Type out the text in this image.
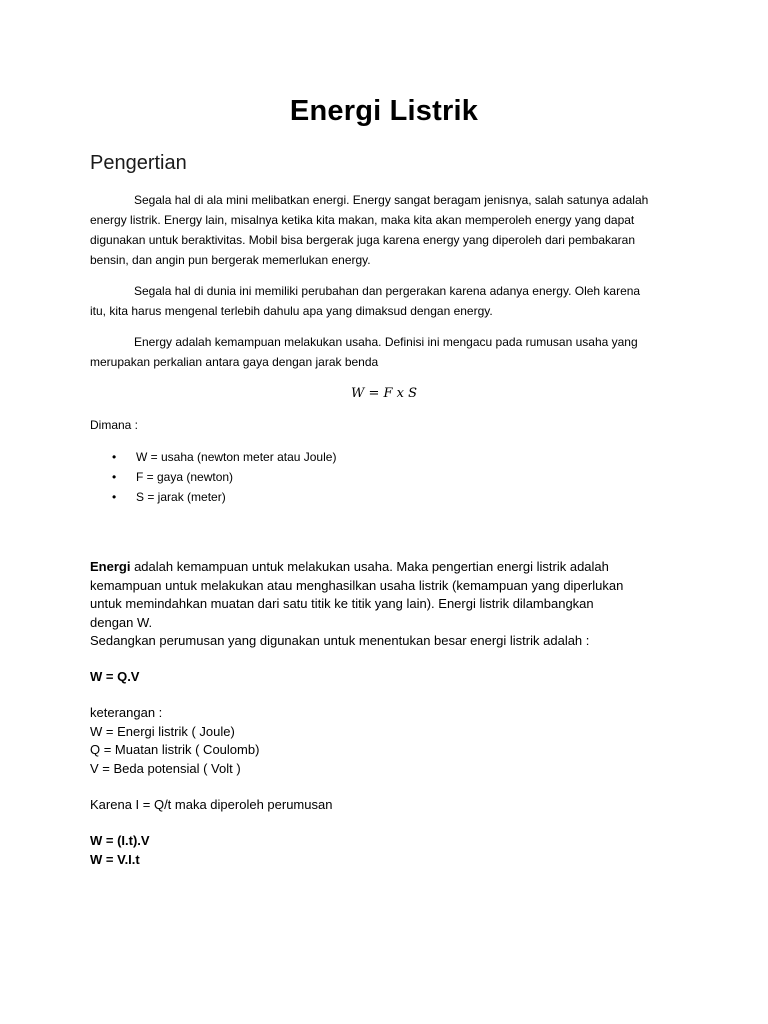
Energi Listrik
Pengertian
Segala hal di ala mini melibatkan energi. Energy sangat beragam jenisnya, salah satunya adalah
energy listrik. Energy lain, misalnya ketika kita makan, maka kita akan memperoleh energy yang dapat
digunakan untuk beraktivitas. Mobil bisa bergerak juga karena energy yang diperoleh dari pembakaran
bensin, dan angin pun bergerak memerlukan energy.
Segala hal di dunia ini memiliki perubahan dan pergerakan karena adanya energy. Oleh karena
itu, kita harus mengenal terlebih dahulu apa yang dimaksud dengan energy.
Energy adalah kemampuan melakukan usaha. Definisi ini mengacu pada rumusan usaha yang
merupakan perkalian antara gaya dengan jarak benda
W = F x S
Dimana :
• W = usaha (newton meter atau Joule)
• F = gaya (newton)
• S = jarak (meter)
Energi adalah kemampuan untuk melakukan usaha. Maka pengertian energi listrik adalah
kemampuan untuk melakukan atau menghasilkan usaha listrik (kemampuan yang diperlukan
untuk memindahkan muatan dari satu titik ke titik yang lain). Energi listrik dilambangkan
dengan W.
Sedangkan perumusan yang digunakan untuk menentukan besar energi listrik adalah :
W = Q.V
keterangan :
W = Energi listrik ( Joule)
Q = Muatan listrik ( Coulomb)
V = Beda potensial ( Volt )
Karena I = Q/t maka diperoleh perumusan
W = (I.t).V
W = V.I.t
